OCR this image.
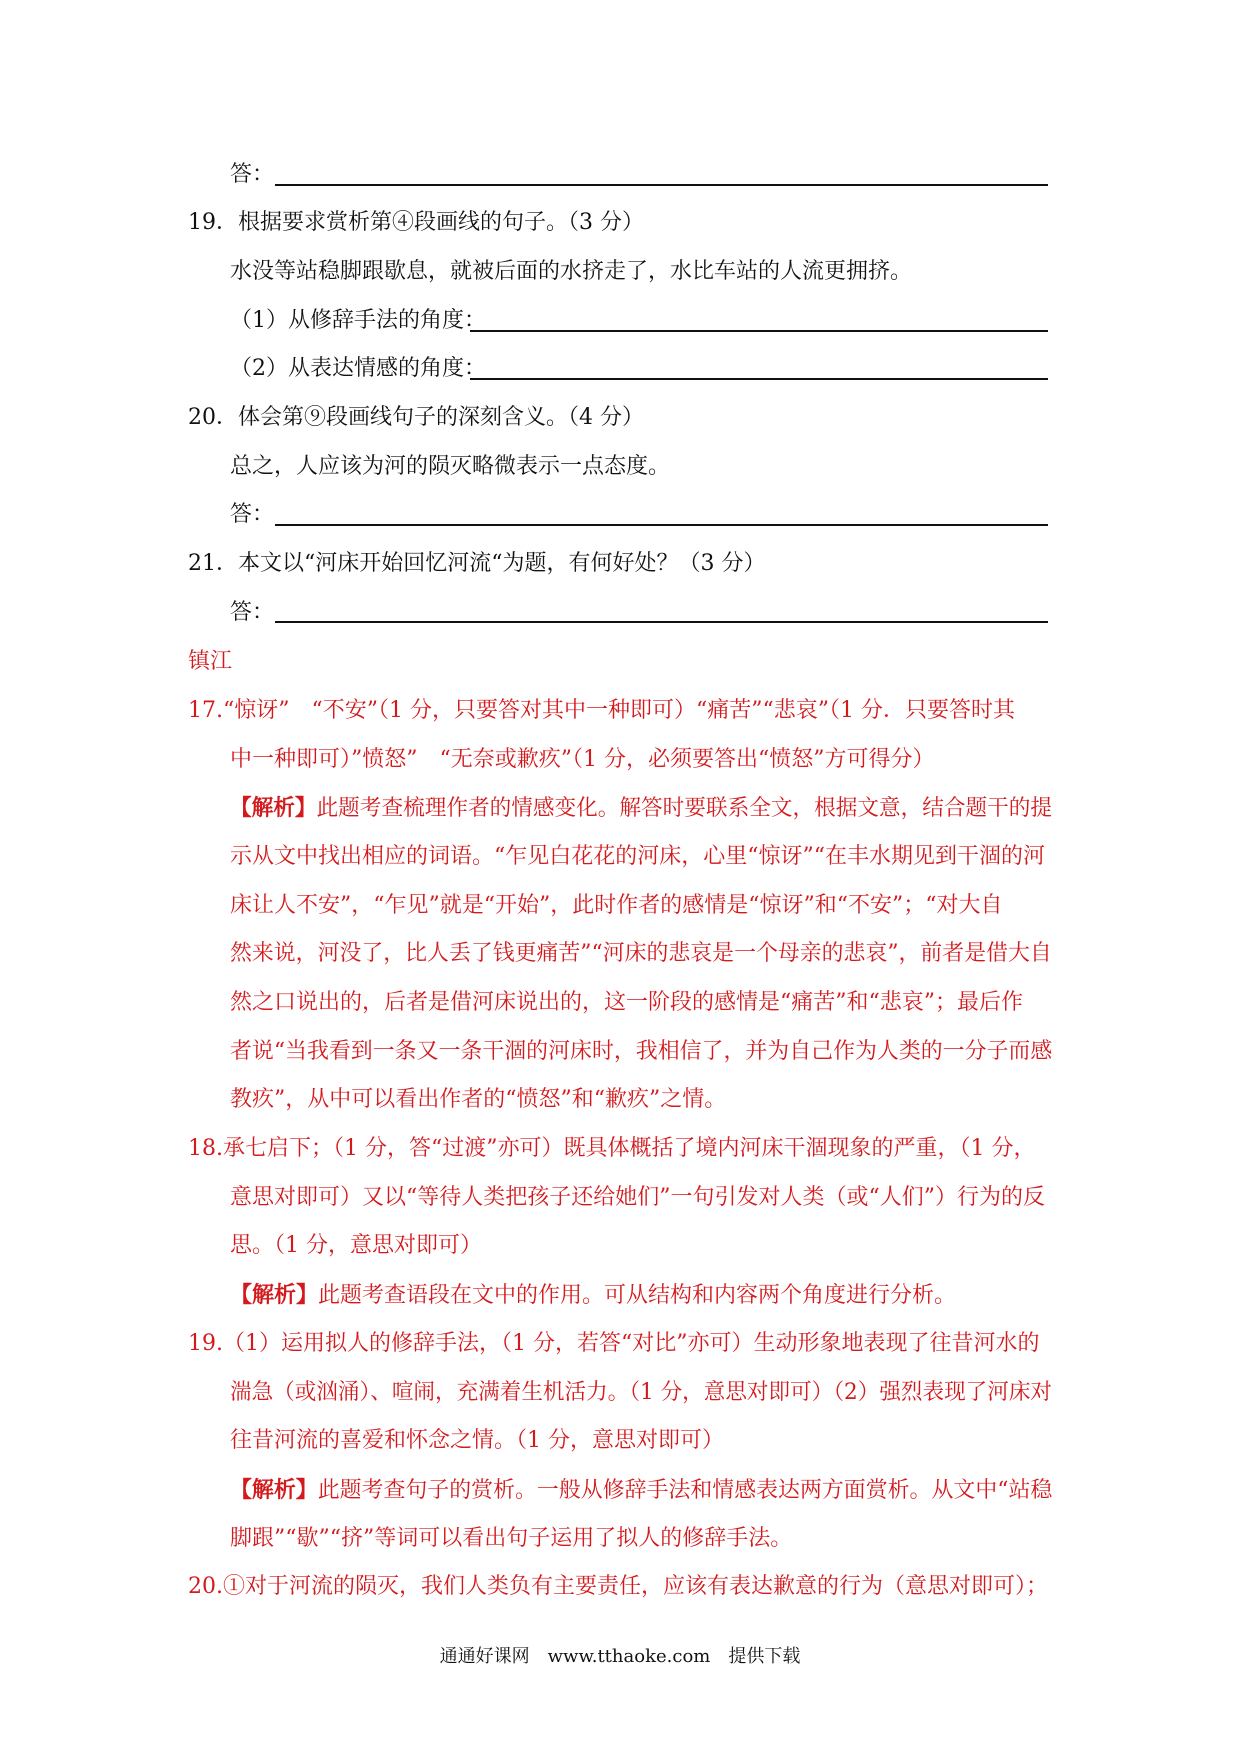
答：
19．根据要求赏析第④段画线的句子。（3 分）
水没等站稳脚跟歇息，就被后面的水挤走了，水比车站的人流更拥挤。
（1）从修辞手法的角度：
（2）从表达情感的角度：
20．体会第⑨段画线句子的深刻含义。（4 分）
总之，人应该为河的陨灭略微表示一点态度。
答：
21．本文以“河床开始回忆河流“为题，有何好处？（3 分）
答：
镇江
17.“惊讶”　“不安”（1 分，只要答对其中一种即可）“痛苦”“悲哀”（1 分．只要答时其
中一种即可）”愤怒”　“无奈或歉疚”（1 分，必须要答出“愤怒”方可得分）
【解析】此题考查梳理作者的情感变化。解答时要联系全文，根据文意，结合题干的提
示从文中找出相应的词语。“乍见白花花的河床，心里“惊讶”“在丰水期见到干涸的河
床让人不安”，“乍见”就是“开始”，此时作者的感情是“惊讶”和“不安”；“对大自
然来说，河没了，比人丢了钱更痛苦”“河床的悲哀是一个母亲的悲哀”，前者是借大自
然之口说出的，后者是借河床说出的，这一阶段的感情是“痛苦”和“悲哀”；最后作
者说“当我看到一条又一条干涸的河床时，我相信了，并为自己作为人类的一分子而感
教疚”，从中可以看出作者的“愤怒”和“歉疚”之情。
18.承七启下；（1 分，答“过渡”亦可）既具体概括了境内河床干涸现象的严重，（1 分，
意思对即可）又以“等待人类把孩子还给她们”一句引发对人类（或“人们”）行为的反
思。（1 分，意思对即可）
【解析】此题考查语段在文中的作用。可从结构和内容两个角度进行分析。
19.（1）运用拟人的修辞手法，（1 分，若答“对比”亦可）生动形象地表现了往昔河水的
湍急（或汹涌）、喧闹，充满着生机活力。（1 分，意思对即可）（2）强烈表现了河床对
往昔河流的喜爱和怀念之情。（1 分，意思对即可）
【解析】此题考查句子的赏析。一般从修辞手法和情感表达两方面赏析。从文中“站稳
脚跟”“歇”“挤”等词可以看出句子运用了拟人的修辞手法。
20.①对于河流的陨灭，我们人类负有主要责任，应该有表达歉意的行为（意思对即可）；
通通好课网　www.tthaoke.com　提供下载
